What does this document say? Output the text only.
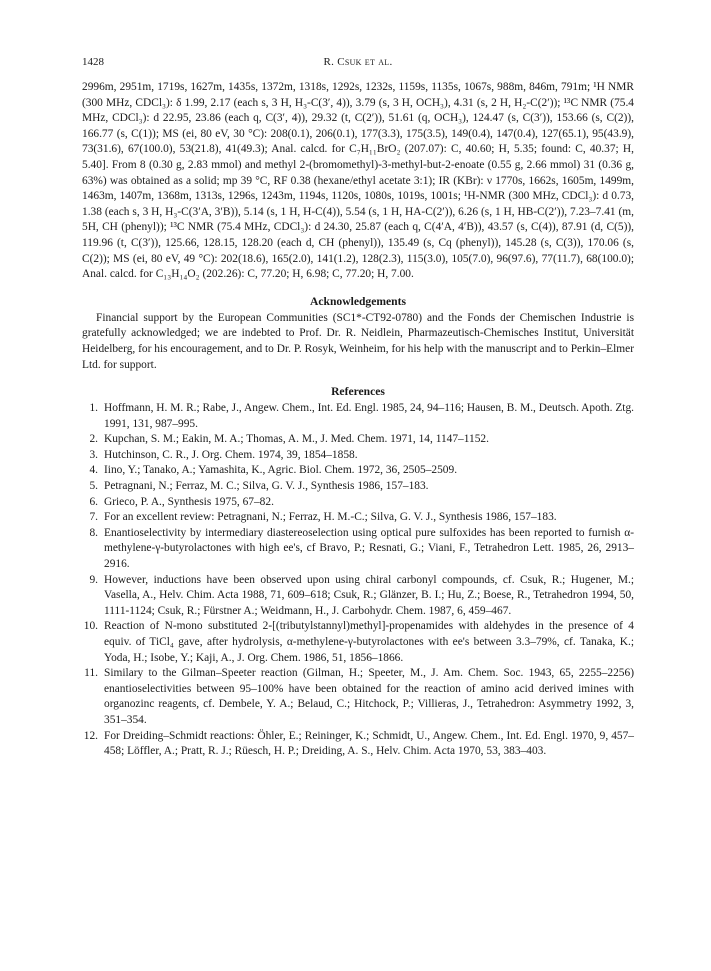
1428	R. Csuk et al.

2996m, 2951m, 1719s, 1627m, 1435s, 1372m, 1318s, 1292s, 1232s, 1159s, 1135s, 1067s, 988m, 846m, 791m; ¹H NMR (300 MHz, CDCl₃): δ 1.99, 2.17 (each s, 3 H, H₃-C(3′, 4)), 3.79 (s, 3 H, OCH₃), 4.31 (s, 2 H, H₂-C(2′)); ¹³C NMR (75.4 MHz, CDCl₃): d 22.95, 23.86 (each q, C(3′, 4)), 29.32 (t, C(2′)), 51.61 (q, OCH₃), 124.47 (s, C(3′)), 153.66 (s, C(2)), 166.77 (s, C(1)); MS (ei, 80 eV, 30 °C): 208(0.1), 206(0.1), 177(3.3), 175(3.5), 149(0.4), 147(0.4), 127(65.1), 95(43.9), 73(31.6), 67(100.0), 53(21.8), 41(49.3); Anal. calcd. for C₇H₁₁BrO₂ (207.07): C, 40.60; H, 5.35; found: C, 40.37; H, 5.40]. From 8 (0.30 g, 2.83 mmol) and methyl 2-(bromomethyl)-3-methyl-but-2-enoate (0.55 g, 2.66 mmol) 31 (0.36 g, 63%) was obtained as a solid; mp 39 °C, RF 0.38 (hexane/ethyl acetate 3:1); IR (KBr): ν 1770s, 1662s, 1605m, 1499m, 1463m, 1407m, 1368m, 1313s, 1296s, 1243m, 1194s, 1120s, 1080s, 1019s, 1001s; ¹H-NMR (300 MHz, CDCl₃): d 0.73, 1.38 (each s, 3 H, H₃-C(3′A, 3′B)), 5.14 (s, 1 H, H-C(4)), 5.54 (s, 1 H, HA-C(2′)), 6.26 (s, 1 H, HB-C(2′)), 7.23–7.41 (m, 5H, CH (phenyl)); ¹³C NMR (75.4 MHz, CDCl₃): d 24.30, 25.87 (each q, C(4′A, 4′B)), 43.57 (s, C(4)), 87.91 (d, C(5)), 119.96 (t, C(3′)), 125.66, 128.15, 128.20 (each d, CH (phenyl)), 135.49 (s, Cq (phenyl)), 145.28 (s, C(3)), 170.06 (s, C(2)); MS (ei, 80 eV, 49 °C): 202(18.6), 165(2.0), 141(1.2), 128(2.3), 115(3.0), 105(7.0), 96(97.6), 77(11.7), 68(100.0); Anal. calcd. for C₁₃H₁₄O₂ (202.26): C, 77.20; H, 6.98; C, 77.20; H, 7.00.

Acknowledgements

Financial support by the European Communities (SC1*-CT92-0780) and the Fonds der Chemischen Industrie is gratefully acknowledged; we are indebted to Prof. Dr. R. Neidlein, Pharmazeutisch-Chemisches Institut, Universität Heidelberg, for his encouragement, and to Dr. P. Rosyk, Weinheim, for his help with the manuscript and to Perkin–Elmer Ltd. for support.

References
1. Hoffmann, H. M. R.; Rabe, J., Angew. Chem., Int. Ed. Engl. 1985, 24, 94–116; Hausen, B. M., Deutsch. Apoth. Ztg. 1991, 131, 987–995.
2. Kupchan, S. M.; Eakin, M. A.; Thomas, A. M., J. Med. Chem. 1971, 14, 1147–1152.
3. Hutchinson, C. R., J. Org. Chem. 1974, 39, 1854–1858.
4. Iino, Y.; Tanako, A.; Yamashita, K., Agric. Biol. Chem. 1972, 36, 2505–2509.
5. Petragnani, N.; Ferraz, M. C.; Silva, G. V. J., Synthesis 1986, 157–183.
6. Grieco, P. A., Synthesis 1975, 67–82.
7. For an excellent review: Petragnani, N.; Ferraz, H. M.-C.; Silva, G. V. J., Synthesis 1986, 157–183.
8. Enantioselectivity by intermediary diastereoselection using optical pure sulfoxides has been reported to furnish α-methylene-γ-butyrolactones with high ee's, cf Bravo, P.; Resnati, G.; Viani, F., Tetrahedron Lett. 1985, 26, 2913–2916.
9. However, inductions have been observed upon using chiral carbonyl compounds, cf. Csuk, R.; Hugener, M.; Vasella, A., Helv. Chim. Acta 1988, 71, 609–618; Csuk, R.; Glänzer, B. I.; Hu, Z.; Boese, R., Tetrahedron 1994, 50, 1111-1124; Csuk, R.; Fürstner A.; Weidmann, H., J. Carbohydr. Chem. 1987, 6, 459–467.
10. Reaction of N-mono substituted 2-[(tributylstannyl)methyl]-propenamides with aldehydes in the presence of 4 equiv. of TiCl₄ gave, after hydrolysis, α-methylene-γ-butyrolactones with ee's between 3.3–79%, cf. Tanaka, K.; Yoda, H.; Isobe, Y.; Kaji, A., J. Org. Chem. 1986, 51, 1856–1866.
11. Similary to the Gilman–Speeter reaction (Gilman, H.; Speeter, M., J. Am. Chem. Soc. 1943, 65, 2255–2256) enantioselectivities between 95–100% have been obtained for the reaction of amino acid derived imines with organozinc reagents, cf. Dembele, Y. A.; Belaud, C.; Hitchock, P.; Villieras, J., Tetrahedron: Asymmetry 1992, 3, 351–354.
12. For Dreiding–Schmidt reactions: Öhler, E.; Reininger, K.; Schmidt, U., Angew. Chem., Int. Ed. Engl. 1970, 9, 457–458; Löffler, A.; Pratt, R. J.; Rüesch, H. P.; Dreiding, A. S., Helv. Chim. Acta 1970, 53, 383–403.
